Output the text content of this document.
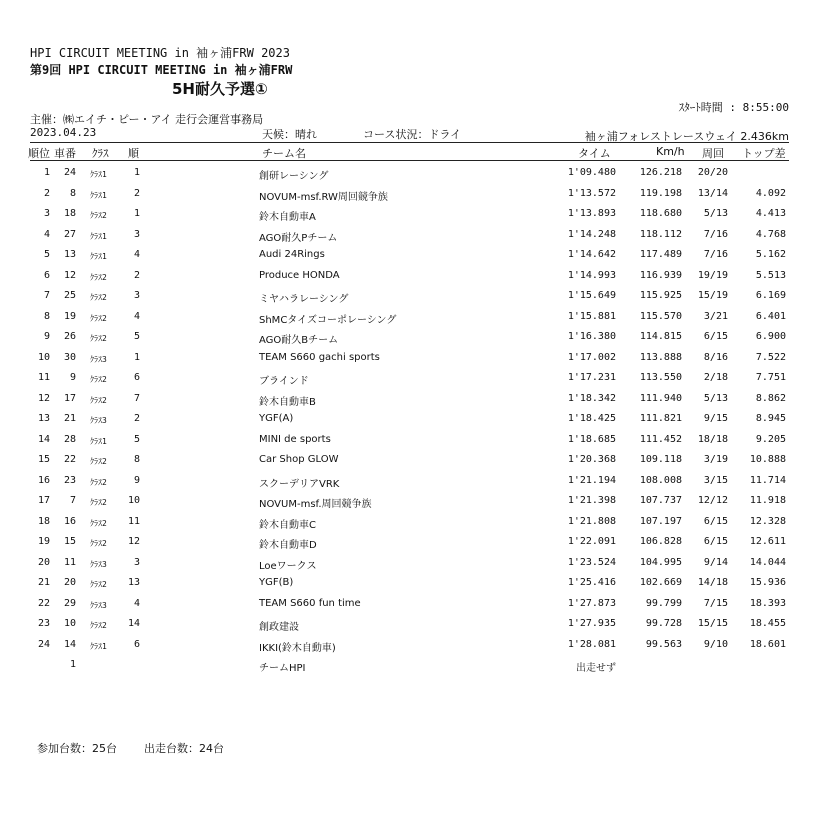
HPI CIRCUIT MEETING in 袖ヶ浦FRW 2023
第9回 HPI CIRCUIT MEETING in 袖ヶ浦FRW
5H耐久予選①
ｽﾀｰﾄ時間 : 8:55:00
主催：㈱エイチ・ピー・アイ 走行会運営事務局
2023.04.23	天候：晴れ	コース状況：ドライ	袖ヶ浦フォレストレースウェイ 2.436km
順位 車番 ｸﾗｽ 順	チーム名	タイム	Km/h 周回 トップ差
1	24 ｸﾗｽ1	1	創研レーシング	1'09.480	126.218	20/20
2	8 ｸﾗｽ1	2	NOVUM-msf.RW周回競争族	1'13.572	119.198	13/14	4.092
3	18 ｸﾗｽ2	1	鈴木自動車A	1'13.893	118.680	5/13	4.413
4	27 ｸﾗｽ1	3	AGO耐久Pチーム	1'14.248	118.112	7/16	4.768
5	13 ｸﾗｽ1	4	Audi 24Rings	1'14.642	117.489	7/16	5.162
6	12 ｸﾗｽ2	2	Produce HONDA	1'14.993	116.939	19/19	5.513
7	25 ｸﾗｽ2	3	ミヤハラレーシング	1'15.649	115.925	15/19	6.169
8	19 ｸﾗｽ2	4	ShMCタイズコーポレーシング	1'15.881	115.570	3/21	6.401
9	26 ｸﾗｽ2	5	AGO耐久Bチーム	1'16.380	114.815	6/15	6.900
10	30 ｸﾗｽ3	1	TEAM S660 gachi sports	1'17.002	113.888	8/16	7.522
11	9 ｸﾗｽ2	6	ブラインド	1'17.231	113.550	2/18	7.751
12	17 ｸﾗｽ2	7	鈴木自動車B	1'18.342	111.940	5/13	8.862
13	21 ｸﾗｽ3	2	YGF(A)	1'18.425	111.821	9/15	8.945
14	28 ｸﾗｽ1	5	MINI de sports	1'18.685	111.452	18/18	9.205
15	22 ｸﾗｽ2	8	Car Shop GLOW	1'20.368	109.118	3/19	10.888
16	23 ｸﾗｽ2	9	スクーデリアVRK	1'21.194	108.008	3/15	11.714
17	7 ｸﾗｽ2	10	NOVUM-msf.周回競争族	1'21.398	107.737	12/12	11.918
18	16 ｸﾗｽ2	11	鈴木自動車C	1'21.808	107.197	6/15	12.328
19	15 ｸﾗｽ2	12	鈴木自動車D	1'22.091	106.828	6/15	12.611
20	11 ｸﾗｽ3	3	Loeワークス	1'23.524	104.995	9/14	14.044
21	20 ｸﾗｽ2	13	YGF(B)	1'25.416	102.669	14/18	15.936
22	29 ｸﾗｽ3	4	TEAM S660 fun time	1'27.873	99.799	7/15	18.393
23	10 ｸﾗｽ2	14	創政建設	1'27.935	99.728	15/15	18.455
24	14 ｸﾗｽ1	6	IKKI(鈴木自動車)	1'28.081	99.563	9/10	18.601
1	チームHPI	出走せず
参加台数：25台 出走台数：24台
